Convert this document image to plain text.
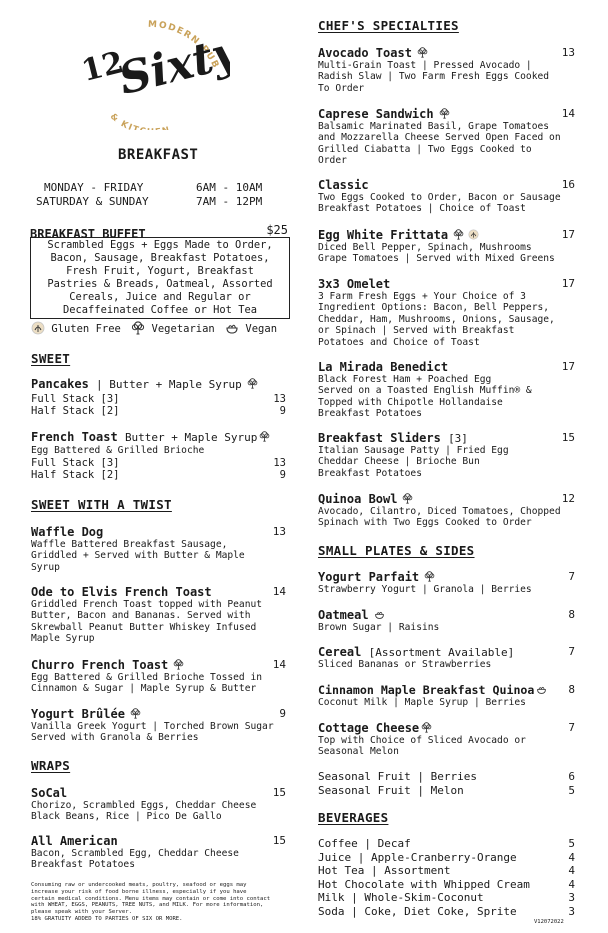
MODERN PUB
& KIT
12
Sixty
BREAKFAST
MONDAY - FRIDAY	6AM - 10AM
SATURDAY & SUNDAY	7AM - 12PM
BREAKFAST BUFFET	$25
Scrambled Eggs + Eggs Made to Order,
Bacon, Sausage, Breakfast Potatoes,
Fresh Fruit, Yogurt, Breakfast
Pastries & Breads, Oatmeal, Assorted
Cereals, Juice and Regular or
Decaffeinated Coffee or Hot Tea
Gluten Free	Vegetarian	Vegan
SWEET
Pancakes | Butter + Maple Syrup
Full Stack [3]	13
Half Stack [2]	9
French Toast Butter + Maple Syrup
Egg Battered & Grilled Brioche
Full Stack [3]	13
Half Stack [2]	9
SWEET WITH A TWIST
Waffle Dog	13
Waffle Battered Breakfast Sausage,
Griddled + Served with Butter & Maple
Syrup
Ode to Elvis French Toast	14
Griddled French Toast topped with Peanut
Butter, Bacon and Bananas. Served with
Skrewball Peanut Butter Whiskey Infused
Maple Syrup
Churro French Toast	14
Egg Battered & Grilled Brioche Tossed in
Cinnamon & Sugar | Maple Syrup & Butter
Yogurt Brûlée	9
Vanilla Greek Yogurt | Torched Brown Sugar
Served with Granola & Berries
WRAPS
SoCal	15
Chorizo, Scrambled Eggs, Cheddar Cheese
Black Beans, Rice | Pico De Gallo
All American	15
Bacon, Scrambled Egg, Cheddar Cheese
Breakfast Potatoes
Consuming raw or undercooked meats, poultry, seafood or eggs may
increase your risk of food borne illness, especially if you have
certain medical conditions. Menu items may contain or come into contact
with WHEAT, EGGS, PEANUTS, TREE NUTS, and MILK. For more information,
please speak with your Server.
18% GRATUITY ADDED TO PARTIES OF SIX OR MORE.
CHEF'S SPECIALTIES
Avocado Toast	13
Multi-Grain Toast | Pressed Avocado |
Radish Slaw | Two Farm Fresh Eggs Cooked
To Order
Caprese Sandwich	14
Balsamic Marinated Basil, Grape Tomatoes
and Mozzarella Cheese Served Open Faced on
Grilled Ciabatta | Two Eggs Cooked to
Order
Classic	16
Two Eggs Cooked to Order, Bacon or Sausage
Breakfast Potatoes | Choice of Toast
Egg White Frittata	17
Diced Bell Pepper, Spinach, Mushrooms
Grape Tomatoes | Served with Mixed Greens
3x3 Omelet	17
3 Farm Fresh Eggs + Your Choice of 3
Ingredient Options: Bacon, Bell Peppers,
Cheddar, Ham, Mushrooms, Onions, Sausage,
or Spinach | Served with Breakfast
Potatoes and Choice of Toast
La Mirada Benedict	17
Black Forest Ham + Poached Egg
Served on a Toasted English Muffin® &
Topped with Chipotle Hollandaise
Breakfast Potatoes
Breakfast Sliders [3]	15
Italian Sausage Patty | Fried Egg
Cheddar Cheese | Brioche Bun
Breakfast Potatoes
Quinoa Bowl	12
Avocado, Cilantro, Diced Tomatoes, Chopped
Spinach with Two Eggs Cooked to Order
SMALL PLATES & SIDES
Yogurt Parfait	7
Strawberry Yogurt | Granola | Berries
Oatmeal	8
Brown Sugar | Raisins
Cereal [Assortment Available]	7
Sliced Bananas or Strawberries
Cinnamon Maple Breakfast Quinoa	8
Coconut Milk | Maple Syrup | Berries
Cottage Cheese	7
Top with Choice of Sliced Avocado or
Seasonal Melon
Seasonal Fruit | Berries	6
Seasonal Fruit | Melon	5
BEVERAGES
Coffee | Decaf	5
Juice | Apple-Cranberry-Orange	4
Hot Tea | Assortment	4
Hot Chocolate with Whipped Cream	4
Milk | Whole-Skim-Coconut	3
Soda | Coke, Diet Coke, Sprite	3
V12072022
